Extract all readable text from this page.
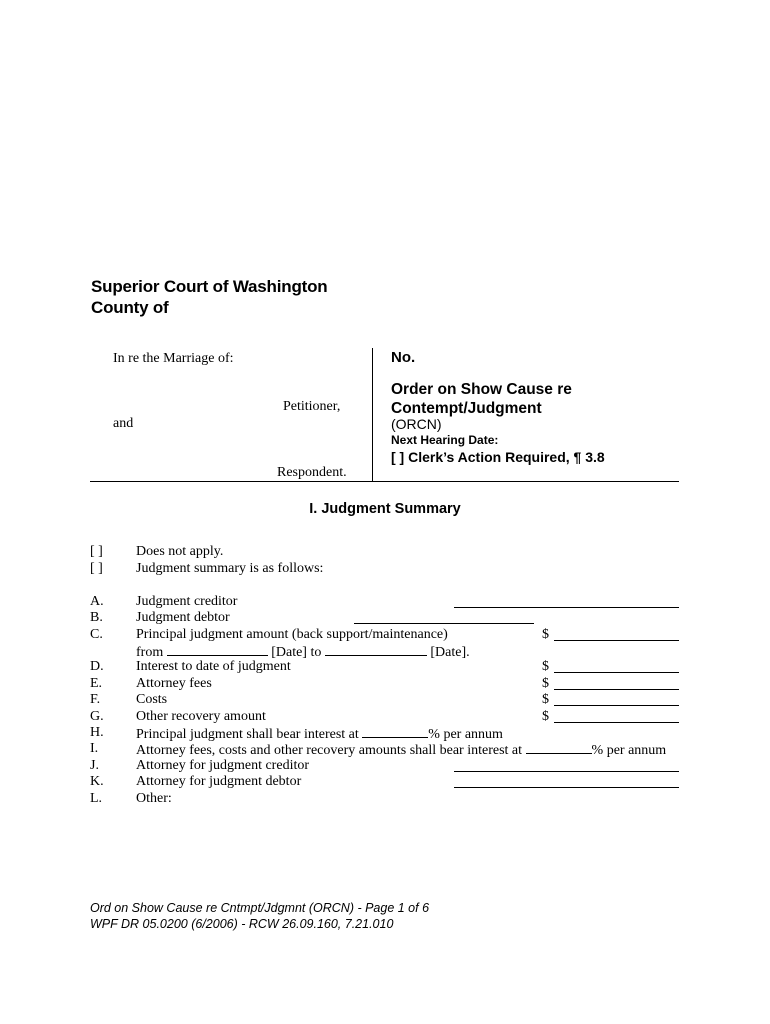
Superior Court of Washington
County of
In re the Marriage of:
Petitioner,
and
Respondent.
No.
Order on Show Cause re
Contempt/Judgment
(ORCN)
Next Hearing Date:
[ ] Clerk’s Action Required, ¶ 3.8
I. Judgment Summary
[ ] Does not apply.
[ ] Judgment summary is as follows:
A. Judgment creditor
B. Judgment debtor
C. Principal judgment amount (back support/maintenance)	$
from	[Date] to	[Date].
D. Interest to date of judgment	$
E. Attorney fees	$
F.	Costs	$
G. Other recovery amount	$
H. Principal judgment shall bear interest at	% per annum
I.	Attorney fees, costs and other recovery amounts shall bear interest at	% per annum
J.	Attorney for judgment creditor
K. Attorney for judgment debtor
L. Other:
Ord on Show Cause re Cntmpt/Jdgmnt (ORCN) - Page 1 of 6
WPF DR 05.0200 (6/2006) - RCW 26.09.160, 7.21.010
